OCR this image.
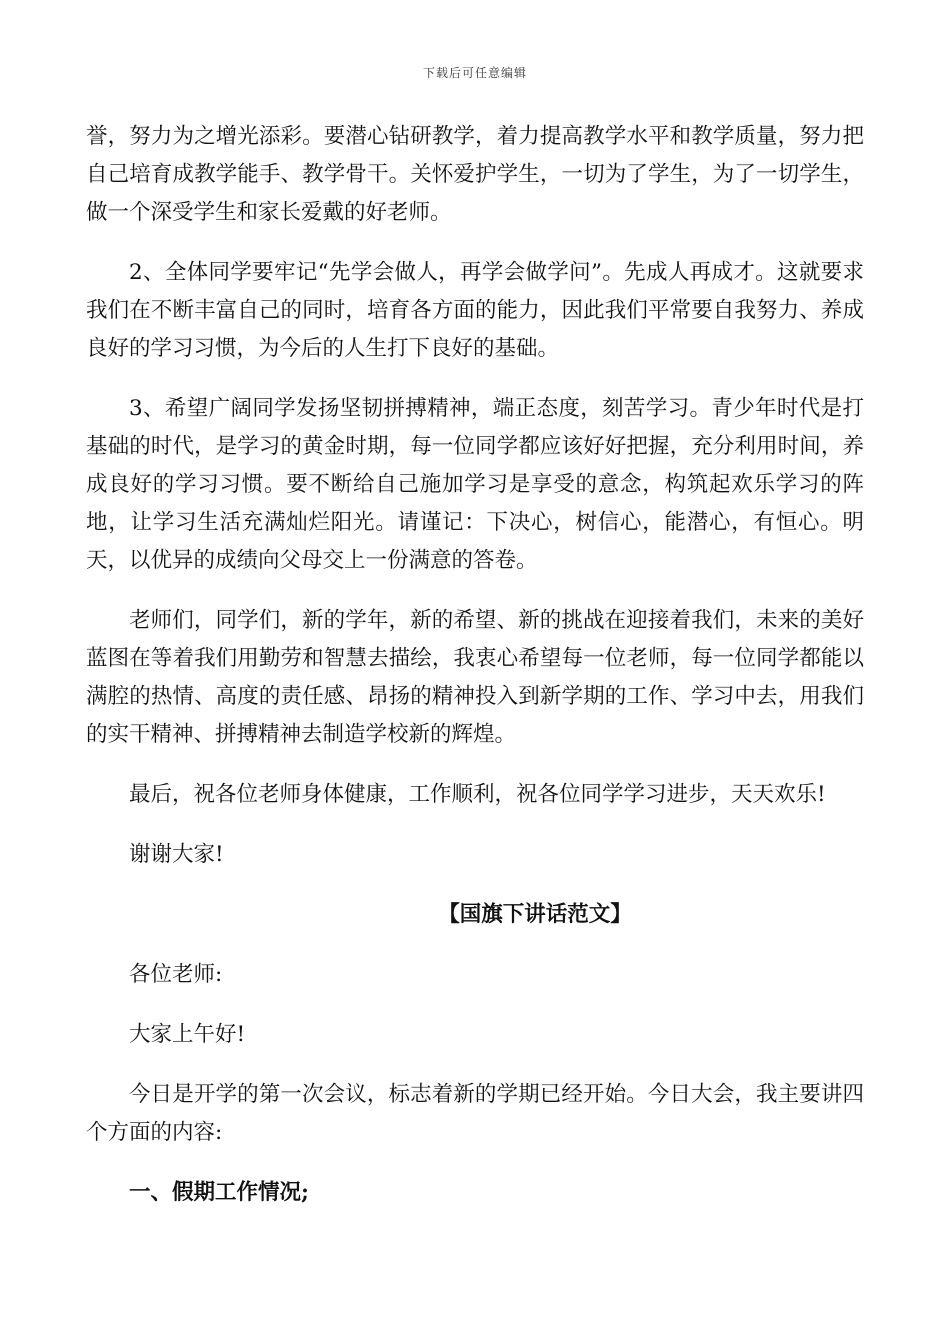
下载后可任意编辑

誉，努力为之增光添彩。要潜心钻研教学，着力提高教学水平和教学质量，努力把自己培育成教学能手、教学骨干。关怀爱护学生，一切为了学生，为了一切学生，做一个深受学生和家长爱戴的好老师。

2、全体同学要牢记“先学会做人，再学会做学问”。先成人再成才。这就要求我们在不断丰富自己的同时，培育各方面的能力，因此我们平常要自我努力、养成良好的学习习惯，为今后的人生打下良好的基础。

3、希望广阔同学发扬坚韧拼搏精神，端正态度，刻苦学习。青少年时代是打基础的时代，是学习的黄金时期，每一位同学都应该好好把握，充分利用时间，养成良好的学习习惯。要不断给自己施加学习是享受的意念，构筑起欢乐学习的阵地，让学习生活充满灿烂阳光。请谨记：下决心，树信心，能潜心，有恒心。明天，以优异的成绩向父母交上一份满意的答卷。

老师们，同学们，新的学年，新的希望、新的挑战在迎接着我们，未来的美好蓝图在等着我们用勤劳和智慧去描绘，我衷心希望每一位老师，每一位同学都能以满腔的热情、高度的责任感、昂扬的精神投入到新学期的工作、学习中去，用我们的实干精神、拼搏精神去制造学校新的辉煌。

最后，祝各位老师身体健康，工作顺利，祝各位同学学习进步，天天欢乐!

谢谢大家!

【国旗下讲话范文】

各位老师:

大家上午好!

今日是开学的第一次会议，标志着新的学期已经开始。今日大会，我主要讲四个方面的内容:

一、假期工作情况;
